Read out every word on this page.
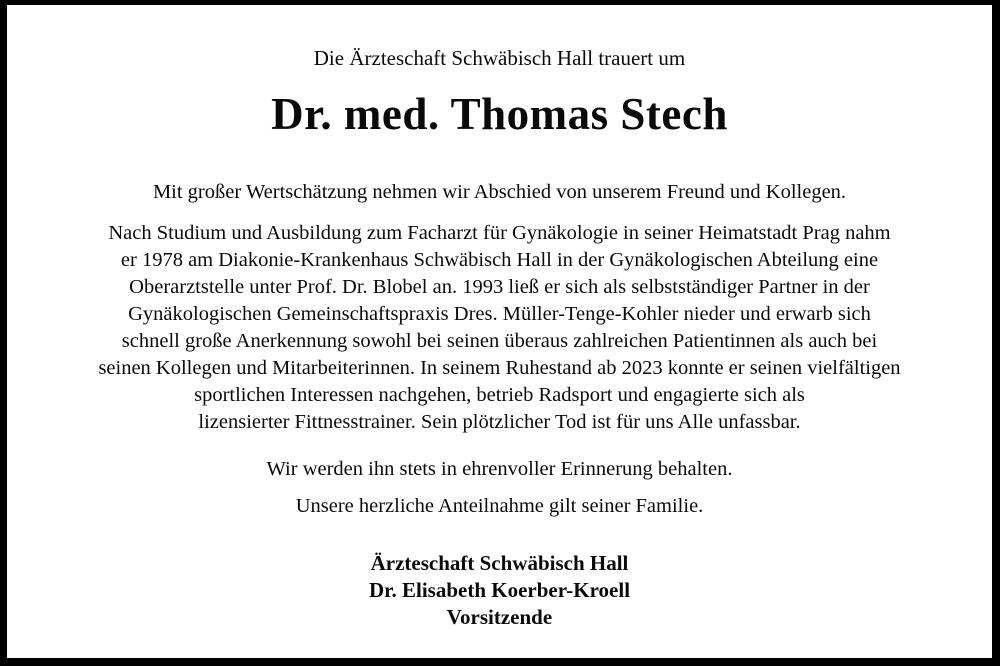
Die Ärzteschaft Schwäbisch Hall trauert um
Dr. med. Thomas Stech
Mit großer Wertschätzung nehmen wir Abschied von unserem Freund und Kollegen.
Nach Studium und Ausbildung zum Facharzt für Gynäkologie in seiner Heimatstadt Prag nahm
er 1978 am Diakonie-Krankenhaus Schwäbisch Hall in der Gynäkologischen Abteilung eine
Oberarztstelle unter Prof. Dr. Blobel an. 1993 ließ er sich als selbstständiger Partner in der
Gynäkologischen Gemeinschaftspraxis Dres. Müller-Tenge-Kohler nieder und erwarb sich
schnell große Anerkennung sowohl bei seinen überaus zahlreichen Patientinnen als auch bei
seinen Kollegen und Mitarbeiterinnen. In seinem Ruhestand ab 2023 konnte er seinen vielfältigen
sportlichen Interessen nachgehen, betrieb Radsport und engagierte sich als
lizensierter Fittnesstrainer. Sein plötzlicher Tod ist für uns Alle unfassbar.
Wir werden ihn stets in ehrenvoller Erinnerung behalten.
Unsere herzliche Anteilnahme gilt seiner Familie.
Ärzteschaft Schwäbisch Hall
Dr. Elisabeth Koerber-Kroell
Vorsitzende
